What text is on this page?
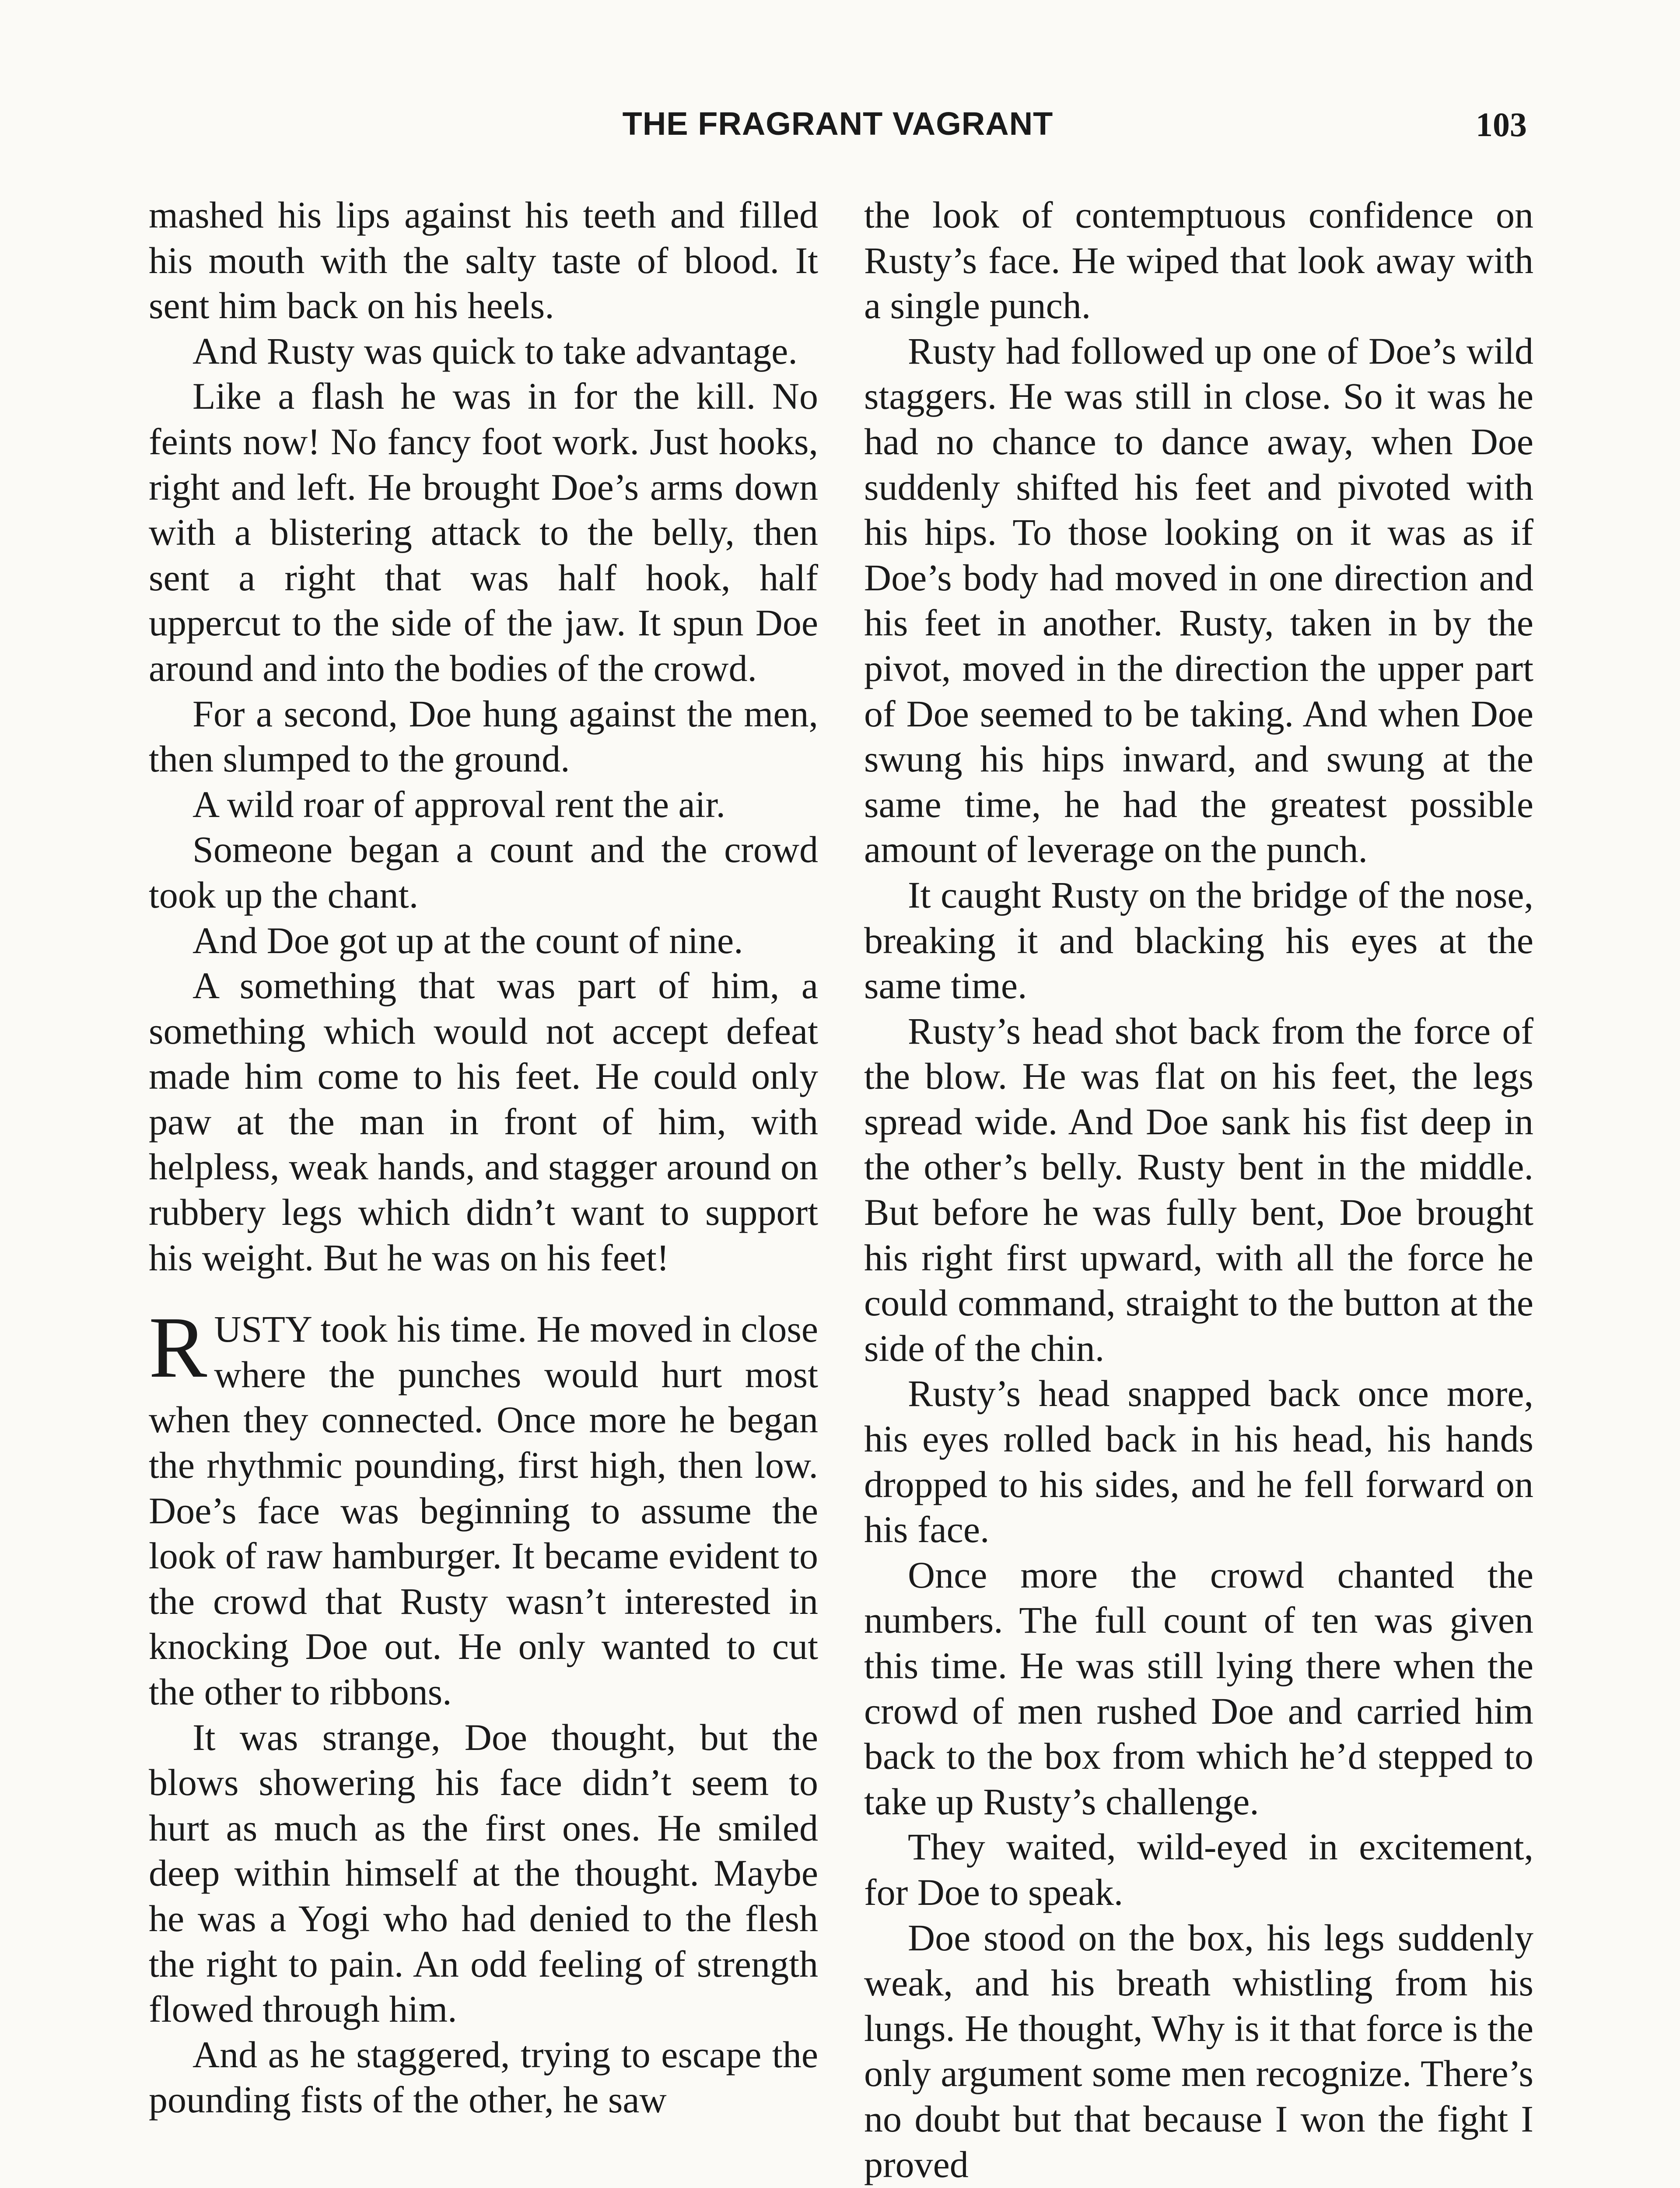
THE FRAGRANT VAGRANT	103

mashed his lips against his teeth and filled his mouth with the salty taste of blood. It sent him back on his heels.

And Rusty was quick to take advantage.

Like a flash he was in for the kill. No feints now! No fancy foot work. Just hooks, right and left. He brought Doe’s arms down with a blistering attack to the belly, then sent a right that was half hook, half uppercut to the side of the jaw. It spun Doe around and into the bodies of the crowd.

For a second, Doe hung against the men, then slumped to the ground.

A wild roar of approval rent the air.

Someone began a count and the crowd took up the chant.

And Doe got up at the count of nine.

A something that was part of him, a something which would not accept defeat made him come to his feet. He could only paw at the man in front of him, with helpless, weak hands, and stagger around on rubbery legs which didn’t want to support his weight. But he was on his feet!

RUSTY took his time. He moved in close where the punches would hurt most when they connected. Once more he began the rhythmic pounding, first high, then low. Doe’s face was beginning to assume the look of raw hamburger. It became evident to the crowd that Rusty wasn’t interested in knocking Doe out. He only wanted to cut the other to ribbons.

It was strange, Doe thought, but the blows showering his face didn’t seem to hurt as much as the first ones. He smiled deep within himself at the thought. Maybe he was a Yogi who had denied to the flesh the right to pain. An odd feeling of strength flowed through him.

And as he staggered, trying to escape the pounding fists of the other, he saw

the look of contemptuous confidence on Rusty’s face. He wiped that look away with a single punch.

Rusty had followed up one of Doe’s wild staggers. He was still in close. So it was he had no chance to dance away, when Doe suddenly shifted his feet and pivoted with his hips. To those looking on it was as if Doe’s body had moved in one direction and his feet in another. Rusty, taken in by the pivot, moved in the direction the upper part of Doe seemed to be taking. And when Doe swung his hips inward, and swung at the same time, he had the greatest possible amount of leverage on the punch.

It caught Rusty on the bridge of the nose, breaking it and blacking his eyes at the same time.

Rusty’s head shot back from the force of the blow. He was flat on his feet, the legs spread wide. And Doe sank his fist deep in the other’s belly. Rusty bent in the middle. But before he was fully bent, Doe brought his right first upward, with all the force he could command, straight to the button at the side of the chin.

Rusty’s head snapped back once more, his eyes rolled back in his head, his hands dropped to his sides, and he fell forward on his face.

Once more the crowd chanted the numbers. The full count of ten was given this time. He was still lying there when the crowd of men rushed Doe and carried him back to the box from which he’d stepped to take up Rusty’s challenge.

They waited, wild-eyed in excitement, for Doe to speak.

Doe stood on the box, his legs suddenly weak, and his breath whistling from his lungs. He thought, Why is it that force is the only argument some men recognize. There’s no doubt but that because I won the fight I proved
